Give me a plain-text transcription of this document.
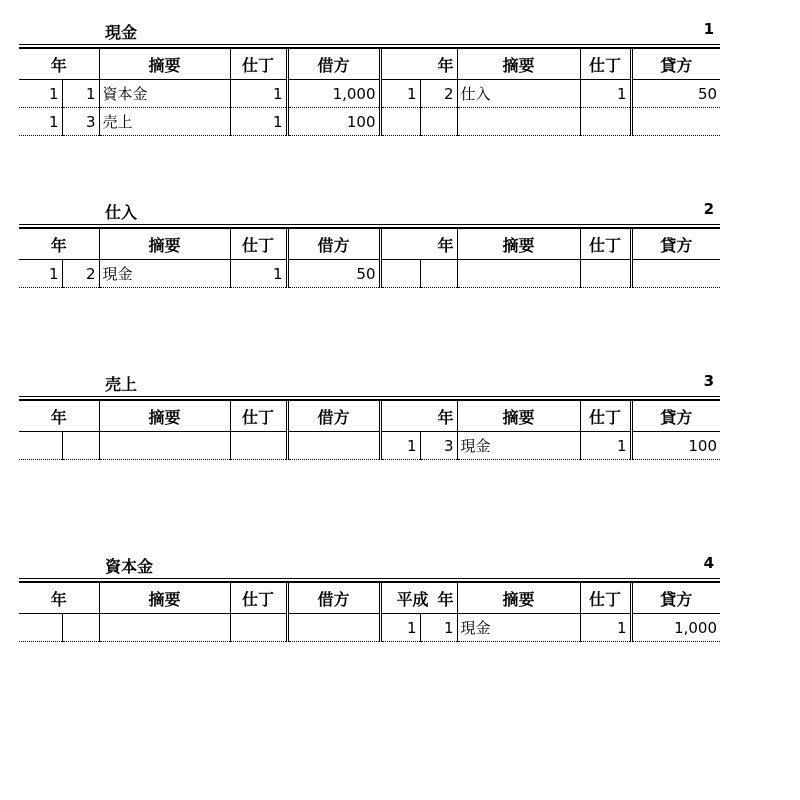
現金	1
年		摘要	仕丁	借方	年		摘要	仕丁	貸方
1	1	資本金	1	1,000	1	2	仕入	1	50
1	3	売上	1	100					
仕入	2
年		摘要	仕丁	借方	年		摘要	仕丁	貸方
1	2	現金	1	50					
売上	3
年		摘要	仕丁	借方	年		摘要	仕丁	貸方
					1	3	現金	1	100
資本金	4
年		摘要	仕丁	借方	平成 年		摘要	仕丁	貸方
					1	1	現金	1	1,000
